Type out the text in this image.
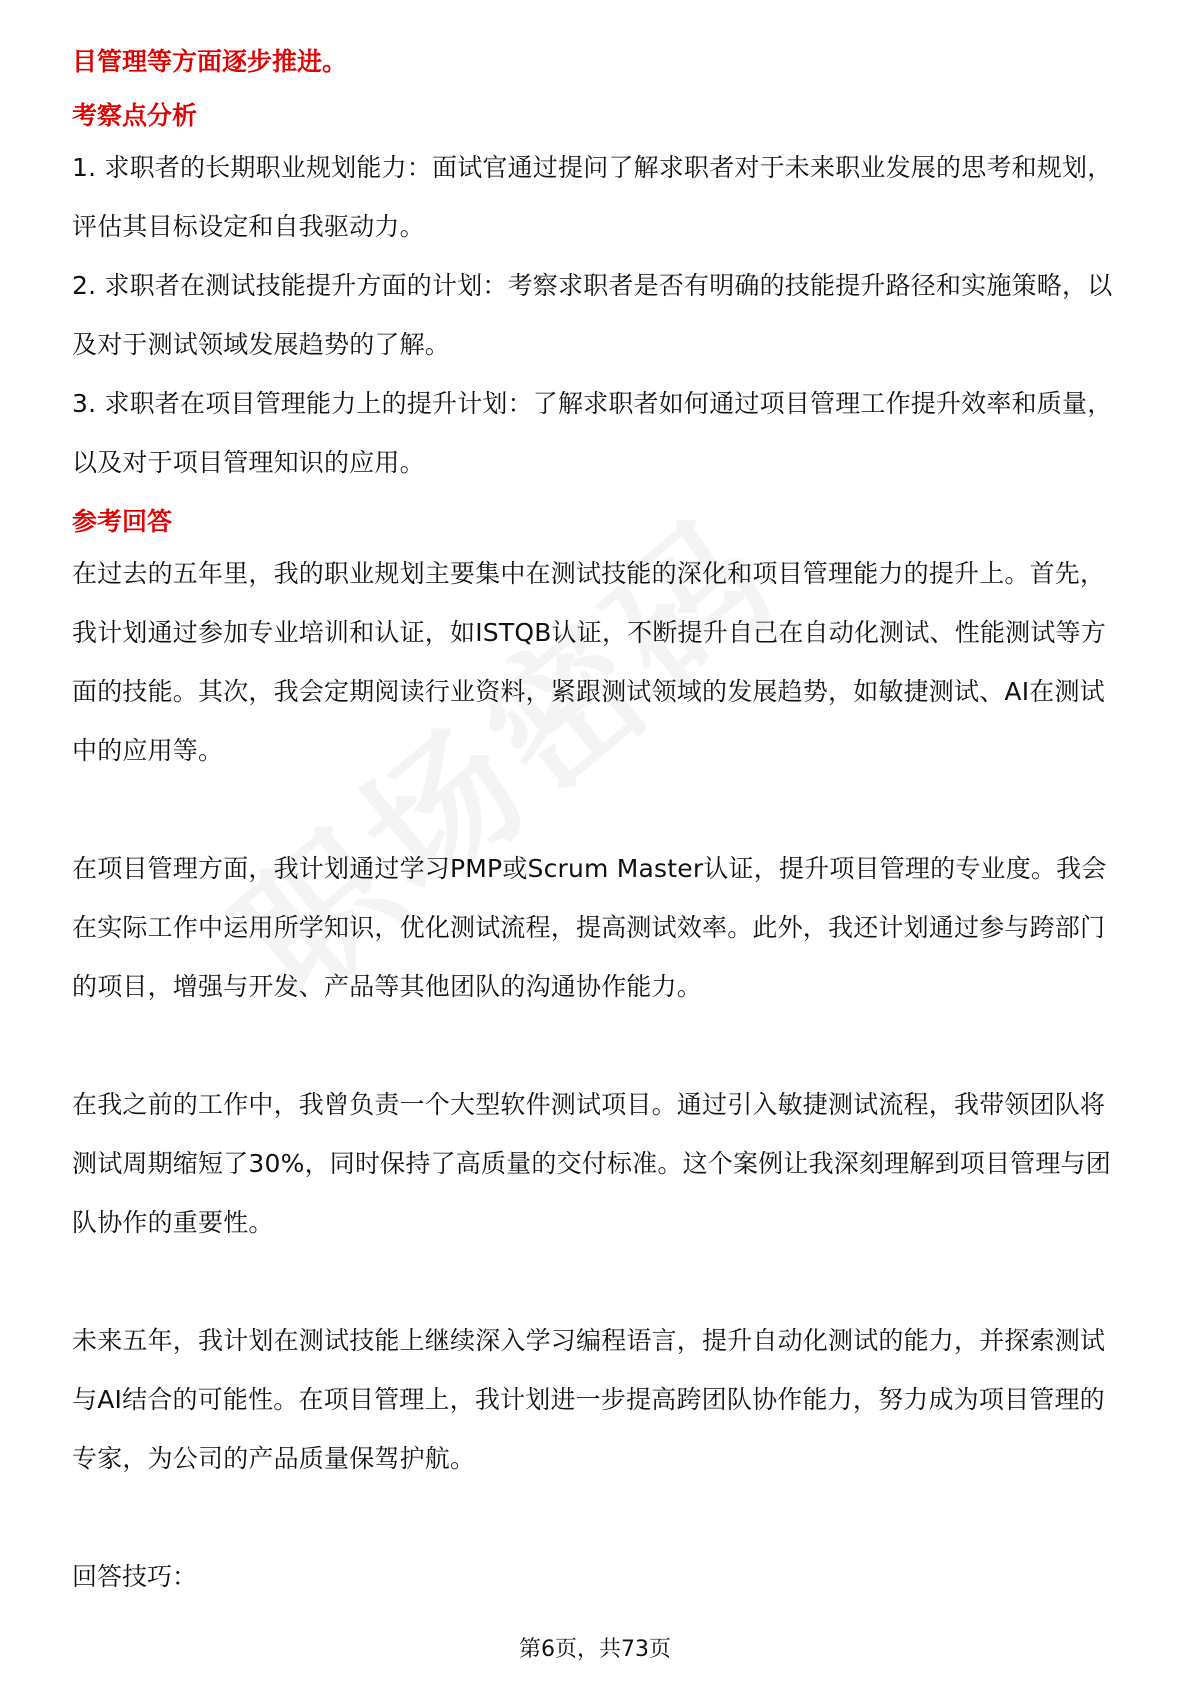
目管理等方面逐步推进。

考察点分析

1. 求职者的长期职业规划能力：面试官通过提问了解求职者对于未来职业发展的思考和规划，评估其目标设定和自我驱动力。

2. 求职者在测试技能提升方面的计划：考察求职者是否有明确的技能提升路径和实施策略，以及对于测试领域发展趋势的了解。

3. 求职者在项目管理能力上的提升计划：了解求职者如何通过项目管理工作提升效率和质量，以及对于项目管理知识的应用。

参考回答

在过去的五年里，我的职业规划主要集中在测试技能的深化和项目管理能力的提升上。首先，我计划通过参加专业培训和认证，如ISTQB认证，不断提升自己在自动化测试、性能测试等方面的技能。其次，我会定期阅读行业资料，紧跟测试领域的发展趋势，如敏捷测试、AI在测试中的应用等。

在项目管理方面，我计划通过学习PMP或Scrum Master认证，提升项目管理的专业度。我会在实际工作中运用所学知识，优化测试流程，提高测试效率。此外，我还计划通过参与跨部门的项目，增强与开发、产品等其他团队的沟通协作能力。

在我之前的工作中，我曾负责一个大型软件测试项目。通过引入敏捷测试流程，我带领团队将测试周期缩短了30%，同时保持了高质量的交付标准。这个案例让我深刻理解到项目管理与团队协作的重要性。

未来五年，我计划在测试技能上继续深入学习编程语言，提升自动化测试的能力，并探索测试与AI结合的可能性。在项目管理上，我计划进一步提高跨团队协作能力，努力成为项目管理的专家，为公司的产品质量保驾护航。

回答技巧：

第6页，共73页
